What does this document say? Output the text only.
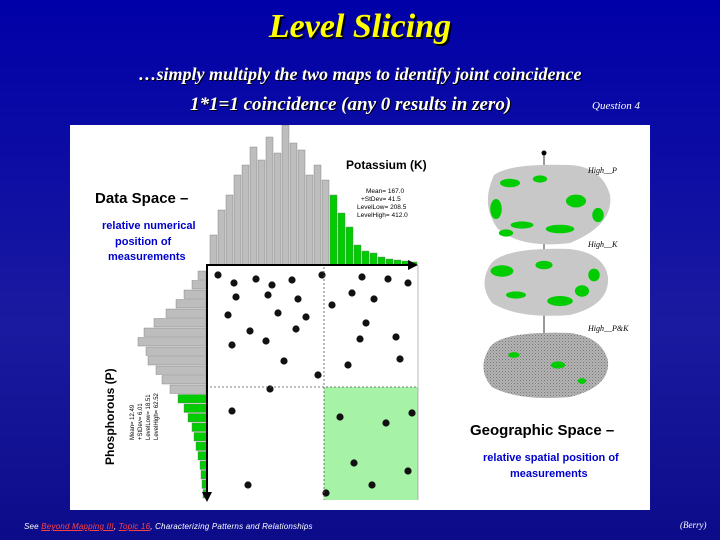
Level Slicing
…simply multiply the two maps to identify joint coincidence
1*1=1 coincidence (any 0 results in zero)	Question 4
Data Space –
relative numerical
position of
measurements
Potassium (K)
Mean= 167.0
+StDev= 41.5
LevelLow= 208.5
LevelHigh= 412.0
Phosphorous (P) Mean= 12.49 +StDev= 6.01 LevelLow= 18.51 LevelHigh= 62.52
High__P
High__K
High__P&K
Geographic Space –
relative spatial position of
measurements
See Beyond Mapping III, Topic 16, Characterizing Patterns and Relationships	(Berry)
